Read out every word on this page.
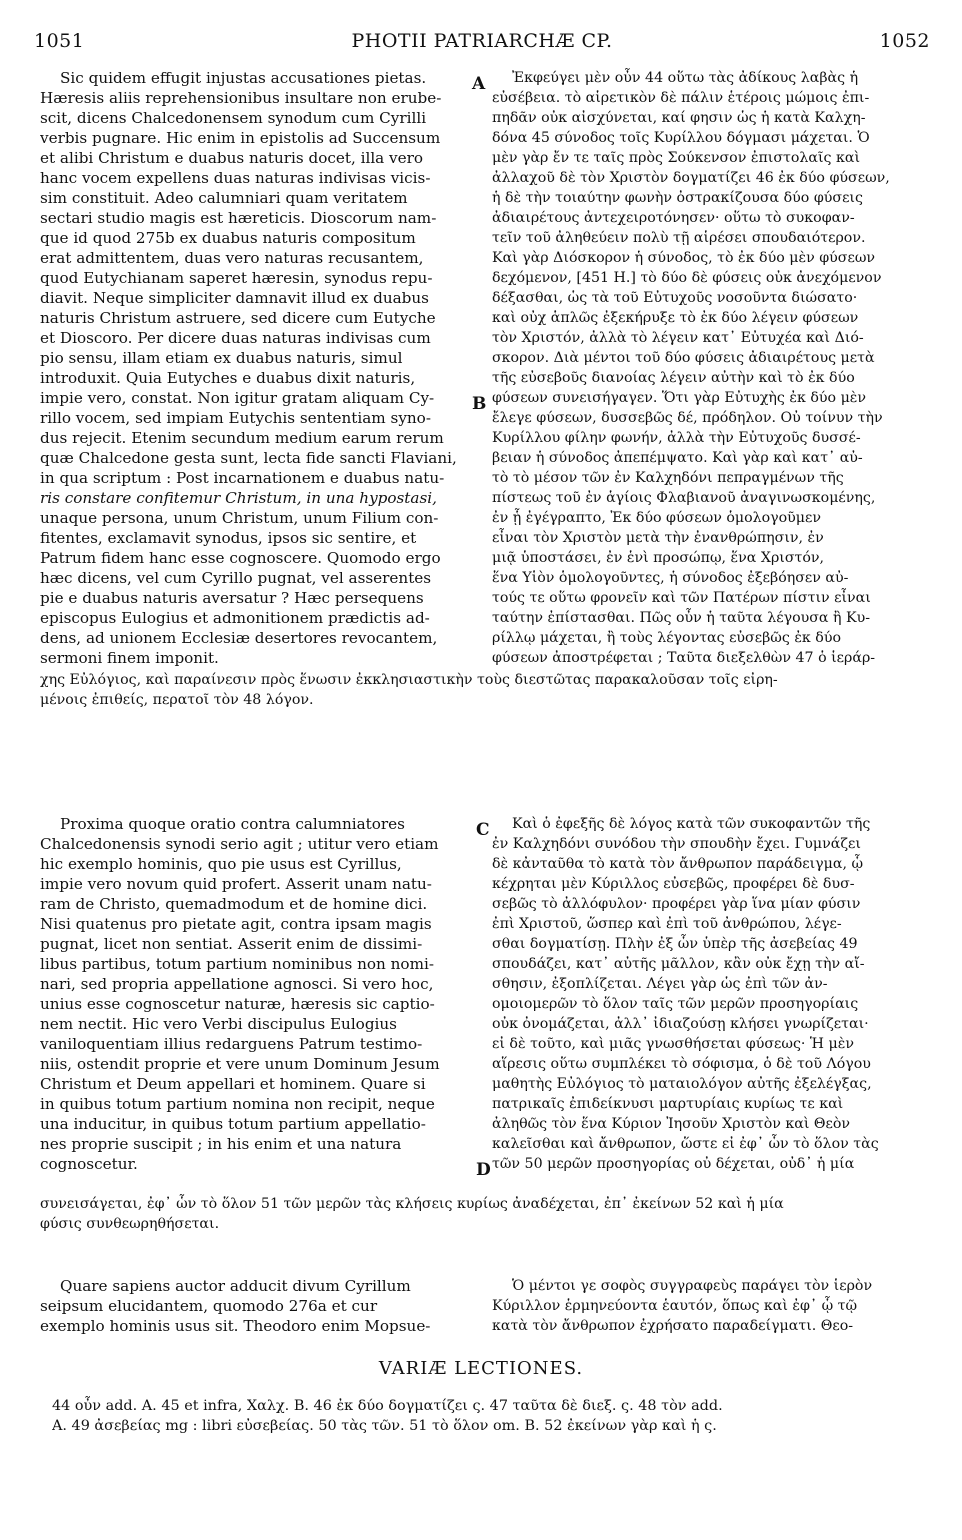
1051	PHOTII PATRIARCHÆ CP.	1052
A
B
C
D
Sic quidem effugit injustas accusationes pietas.
Hæresis aliis reprehensionibus insultare non erube-
scit, dicens Chalcedonensem synodum cum Cyrilli
verbis pugnare. Hic enim in epistolis ad Succensum
et alibi Christum e duabus naturis docet, illa vero
hanc vocem expellens duas naturas indivisas vicis-
sim constituit. Adeo calumniari quam veritatem
sectari studio magis est hæreticis. Dioscorum nam-
que id quod 275b ex duabus naturis compositum
erat admittentem, duas vero naturas recusantem,
quod Eutychianam saperet hæresin, synodus repu-
diavit. Neque simpliciter damnavit illud ex duabus
naturis Christum astruere, sed dicere cum Eutyche
et Dioscoro. Per dicere duas naturas indivisas cum
pio sensu, illam etiam ex duabus naturis, simul
introduxit. Quia Eutyches e duabus dixit naturis,
impie vero, constat. Non igitur gratam aliquam Cy-
rillo vocem, sed impiam Eutychis sententiam syno-
dus rejecit. Etenim secundum medium earum rerum
quæ Chalcedone gesta sunt, lecta fide sancti Flaviani,
in qua scriptum : Post incarnationem e duabus natu-
ris constare confitemur Christum, in una hypostasi,
unaque persona, unum Christum, unum Filium con-
fitentes, exclamavit synodus, ipsos sic sentire, et
Patrum fidem hanc esse cognoscere. Quomodo ergo
hæc dicens, vel cum Cyrillo pugnat, vel asserentes
pie e duabus naturis aversatur ? Hæc persequens
episcopus Eulogius et admonitionem prædictis ad-
dens, ad unionem Ecclesiæ desertores revocantem,
sermoni finem imponit.
Ἐκφεύγει μὲν οὖν 44 οὕτω τὰς ἀδίκους λαβὰς ἡ
εὐσέβεια. τὸ αἱρετικὸν δὲ πάλιν ἑτέροις μώμοις ἐπι-
πηδᾶν οὐκ αἰσχύνεται, καί φησιν ὡς ἡ κατὰ Καλχη-
δόνα 45 σύνοδος τοῖς Κυρίλλου δόγμασι μάχεται. Ὁ
μὲν γὰρ ἔν τε ταῖς πρὸς Σούκενσον ἐπιστολαῖς καὶ
ἀλλαχοῦ δὲ τὸν Χριστὸν δογματίζει 46 ἐκ δύο φύσεων,
ἡ δὲ τὴν τοιαύτην φωνὴν ὀστρακίζουσα δύο φύσεις
ἀδιαιρέτους ἀντεχειροτόνησεν· οὕτω τὸ συκοφαν-
τεῖν τοῦ ἀληθεύειν πολὺ τῇ αἱρέσει σπουδαιότερον.
Καὶ γὰρ Διόσκορον ἡ σύνοδος, τὸ ἐκ δύο μὲν φύσεων
δεχόμενον, [451 H.] τὸ δύο δὲ φύσεις οὐκ ἀνεχόμενον
δέξασθαι, ὡς τὰ τοῦ Εὐτυχοῦς νοσοῦντα διώσατο·
καὶ οὐχ ἁπλῶς ἐξεκήρυξε τὸ ἐκ δύο λέγειν φύσεων
τὸν Χριστόν, ἀλλὰ τὸ λέγειν κατ᾿ Εὐτυχέα καὶ Διό-
σκορον. Διὰ μέντοι τοῦ δύο φύσεις ἀδιαιρέτους μετὰ
τῆς εὐσεβοῦς διανοίας λέγειν αὐτὴν καὶ τὸ ἐκ δύο
φύσεων συνεισήγαγεν. Ὅτι γὰρ Εὐτυχὴς ἐκ δύο μὲν
ἔλεγε φύσεων, δυσσεβῶς δέ, πρόδηλον. Οὐ τοίνυν τὴν
Κυρίλλου φίλην φωνήν, ἀλλὰ τὴν Εὐτυχοῦς δυσσέ-
βειαν ἡ σύνοδος ἀπεπέμψατο. Καὶ γὰρ καὶ κατ᾿ αὐ-
τὸ τὸ μέσον τῶν ἐν Καλχηδόνι πεπραγμένων τῆς
πίστεως τοῦ ἐν ἁγίοις Φλαβιανοῦ ἀναγινωσκομένης,
ἐν ᾗ ἐγέγραπτο, Ἐκ δύο φύσεων ὁμολογοῦμεν
εἶναι τὸν Χριστὸν μετὰ τὴν ἐνανθρώπησιν, ἐν
μιᾷ ὑποστάσει, ἐν ἑνὶ προσώπῳ, ἕνα Χριστόν,
ἕνα Υἱὸν ὁμολογοῦντες, ἡ σύνοδος ἐξεβόησεν αὐ-
τούς τε οὕτω φρονεῖν καὶ τῶν Πατέρων πίστιν εἶναι
ταύτην ἐπίστασθαι. Πῶς οὖν ἡ ταῦτα λέγουσα ἢ Κυ-
ρίλλῳ μάχεται, ἢ τοὺς λέγοντας εὐσεβῶς ἐκ δύο
φύσεων ἀποστρέφεται ; Ταῦτα διεξελθὼν 47 ὁ ἱεράρ-
χης Εὐλόγιος, καὶ παραίνεσιν πρὸς ἕνωσιν ἐκκλησιαστικὴν τοὺς διεστῶτας παρακαλοῦσαν τοῖς εἰρη-
μένοις ἐπιθείς, περατοῖ τὸν 48 λόγον.
Proxima quoque oratio contra calumniatores
Chalcedonensis synodi serio agit ; utitur vero etiam
hic exemplo hominis, quo pie usus est Cyrillus,
impie vero novum quid profert. Asserit unam natu-
ram de Christo, quemadmodum et de homine dici.
Nisi quatenus pro pietate agit, contra ipsam magis
pugnat, licet non sentiat. Asserit enim de dissimi-
libus partibus, totum partium nominibus non nomi-
nari, sed propria appellatione agnosci. Si vero hoc,
unius esse cognoscetur naturæ, hæresis sic captio-
nem nectit. Hic vero Verbi discipulus Eulogius
vaniloquentiam illius redarguens Patrum testimo-
niis, ostendit proprie et vere unum Dominum Jesum
Christum et Deum appellari et hominem. Quare si
in quibus totum partium nomina non recipit, neque
una inducitur, in quibus totum partium appellatio-
nes proprie suscipit ; in his enim et una natura
cognoscetur.
Καὶ ὁ ἐφεξῆς δὲ λόγος κατὰ τῶν συκοφαντῶν τῆς
ἐν Καλχηδόνι συνόδου τὴν σπουδὴν ἔχει. Γυμνάζει
δὲ κἀνταῦθα τὸ κατὰ τὸν ἄνθρωπον παράδειγμα, ᾧ
κέχρηται μὲν Κύριλλος εὐσεβῶς, προφέρει δὲ δυσ-
σεβῶς τὸ ἀλλόφυλον· προφέρει γὰρ ἵνα μίαν φύσιν
ἐπὶ Χριστοῦ, ὥσπερ καὶ ἐπὶ τοῦ ἀνθρώπου, λέγε-
σθαι δογματίσῃ. Πλὴν ἐξ ὧν ὑπὲρ τῆς ἀσεβείας 49
σπουδάζει, κατ᾿ αὐτῆς μᾶλλον, κἂν οὐκ ἔχῃ τὴν αἴ-
σθησιν, ἐξοπλίζεται. Λέγει γὰρ ὡς ἐπὶ τῶν ἀν-
ομοιομερῶν τὸ ὅλον ταῖς τῶν μερῶν προσηγορίαις
οὐκ ὀνομάζεται, ἀλλ᾿ ἰδιαζούσῃ κλήσει γνωρίζεται·
εἰ δὲ τοῦτο, καὶ μιᾶς γνωσθήσεται φύσεως· Ἡ μὲν
αἵρεσις οὕτω συμπλέκει τὸ σόφισμα, ὁ δὲ τοῦ Λόγου
μαθητὴς Εὐλόγιος τὸ ματαιολόγον αὐτῆς ἐξελέγξας,
πατρικαῖς ἐπιδείκνυσι μαρτυρίαις κυρίως τε καὶ
ἀληθῶς τὸν ἕνα Κύριον Ἰησοῦν Χριστὸν καὶ Θεὸν
καλεῖσθαι καὶ ἄνθρωπον, ὥστε εἰ ἐφ᾿ ὧν τὸ ὅλον τὰς
τῶν 50 μερῶν προσηγορίας οὐ δέχεται, οὐδ᾿ ἡ μία
συνεισάγεται, ἐφ᾿ ὧν τὸ ὅλον 51 τῶν μερῶν τὰς κλήσεις κυρίως ἀναδέχεται, ἐπ᾿ ἐκείνων 52 καὶ ἡ μία
φύσις συνθεωρηθήσεται.
Quare sapiens auctor adducit divum Cyrillum
seipsum elucidantem, quomodo 276a et cur
exemplo hominis usus sit. Theodoro enim Mopsue-
Ὁ μέντοι γε σοφὸς συγγραφεὺς παράγει τὸν ἱερὸν
Κύριλλον ἑρμηνεύοντα ἑαυτόν, ὅπως καὶ ἐφ᾿ ᾧ τῷ
κατὰ τὸν ἄνθρωπον ἐχρήσατο παραδείγματι. Θεο-
VARIÆ LECTIONES.
44 οὖν add. A. 45 et infra, Χαλχ. B. 46 ἐκ δύο δογματίζει ς. 47 ταῦτα δὲ διεξ. ς. 48 τὸν add.
A. 49 ἀσεβείας mg : libri εὐσεβείας. 50 τὰς τῶν. 51 τὸ ὅλον om. B. 52 ἐκείνων γὰρ καὶ ἡ ς.
